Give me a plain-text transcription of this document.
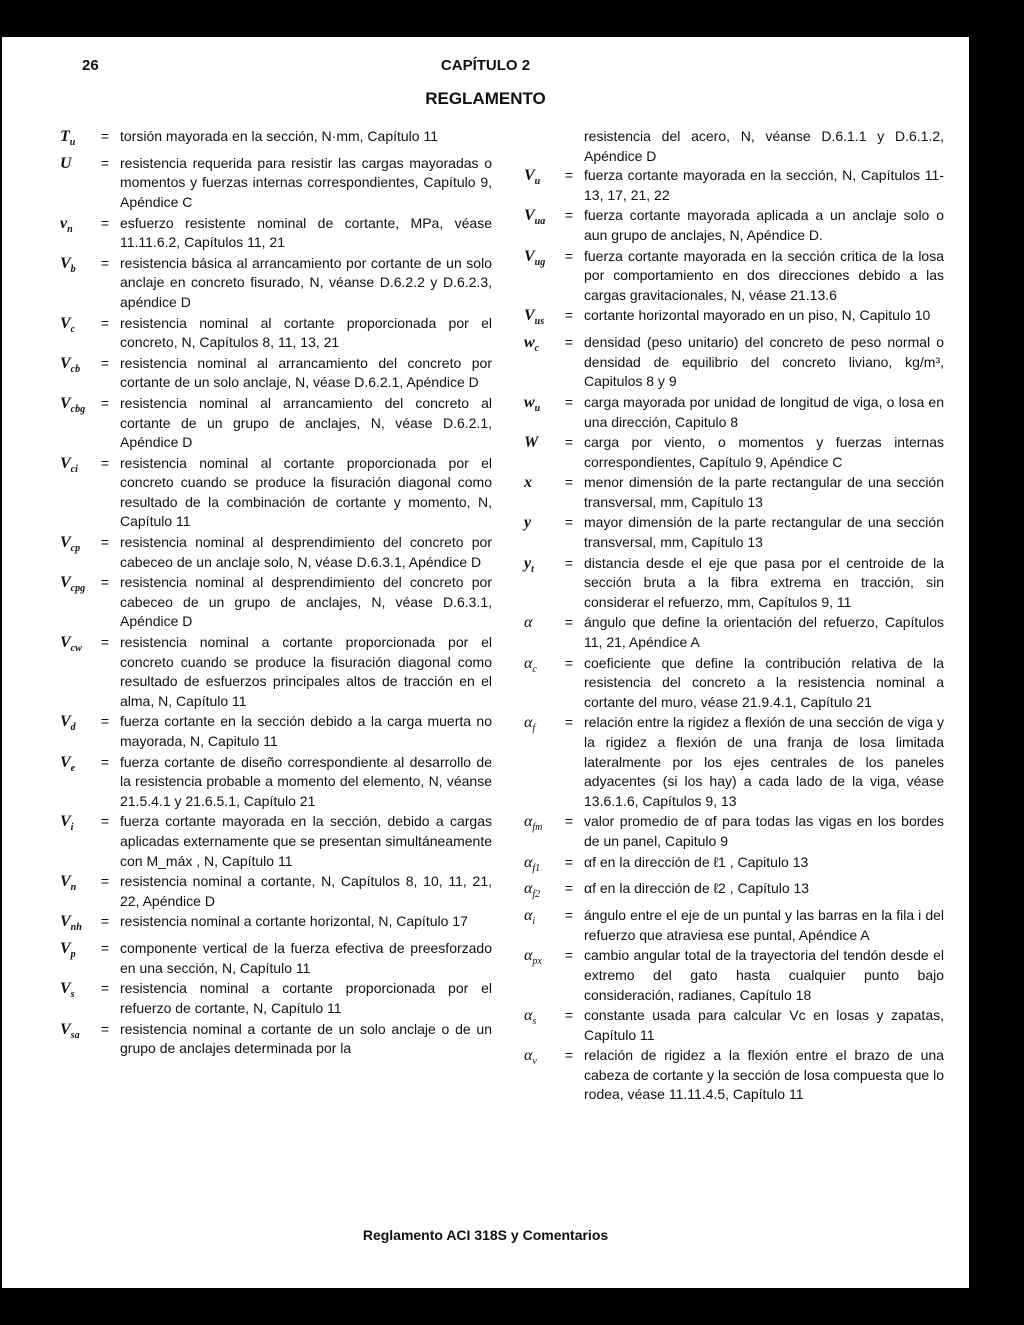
26	CAPÍTULO 2
REGLAMENTO
$T_u$	= torsión mayorada en la sección, N·mm, Capítulo 11
U	= resistencia requerida para resistir las cargas mayoradas o momentos y fuerzas internas correspondientes, Capítulo 9, Apéndice C
$v_n$	= esfuerzo resistente nominal de cortante, MPa, véase 11.11.6.2, Capítulos 11, 21
$V_b$	= resistencia básica al arrancamiento por cortante de un solo anclaje en concreto fisurado, N, véanse D.6.2.2 y D.6.2.3, apéndice D
$V_c$	= resistencia nominal al cortante proporcionada por el concreto, N, Capítulos 8, 11, 13, 21
$V_{cb}$	= resistencia nominal al arrancamiento del concreto por cortante de un solo anclaje, N, véase D.6.2.1, Apéndice D
$V_{cbg}$	= resistencia nominal al arrancamiento del concreto al cortante de un grupo de anclajes, N, véase D.6.2.1, Apéndice D
$V_{ci}$	= resistencia nominal al cortante proporcionada por el concreto cuando se produce la fisuración diagonal como resultado de la combinación de cortante y momento, N, Capítulo 11
$V_{cp}$	= resistencia nominal al desprendimiento del concreto por cabeceo de un anclaje solo, N, véase D.6.3.1, Apéndice D
$V_{cpg}$	= resistencia nominal al desprendimiento del concreto por cabeceo de un grupo de anclajes, N, véase D.6.3.1, Apéndice D
$V_{cw}$	= resistencia nominal a cortante proporcionada por el concreto cuando se produce la fisuración diagonal como resultado de esfuerzos principales altos de tracción en el alma, N, Capítulo 11
$V_d$	= fuerza cortante en la sección debido a la carga muerta no mayorada, N, Capitulo 11
$V_e$	= fuerza cortante de diseño correspondiente al desarrollo de la resistencia probable a momento del elemento, N, véanse 21.5.4.1 y 21.6.5.1, Capítulo 21
$V_i$	= fuerza cortante mayorada en la sección, debido a cargas aplicadas externamente que se presentan simultáneamente con M_máx , N, Capítulo 11
$V_n$	= resistencia nominal a cortante, N, Capítulos 8, 10, 11, 21, 22, Apéndice D
$V_{nh}$	= resistencia nominal a cortante horizontal, N, Capítulo 17
$V_p$	= componente vertical de la fuerza efectiva de preesforzado en una sección, N, Capítulo 11
$V_s$	= resistencia nominal a cortante proporcionada por el refuerzo de cortante, N, Capítulo 11
$V_{sa}$	= resistencia nominal a cortante de un solo anclaje o de un grupo de anclajes determinada por la
resistencia del acero, N, véanse D.6.1.1 y D.6.1.2, Apéndice D
$V_u$	= fuerza cortante mayorada en la sección, N, Capítulos 11-13, 17, 21, 22
$V_{ua}$	= fuerza cortante mayorada aplicada a un anclaje solo o aun grupo de anclajes, N, Apéndice D.
$V_{ug}$	= fuerza cortante mayorada en la sección critica de la losa por comportamiento en dos direcciones debido a las cargas gravitacionales, N, véase 21.13.6
$V_{us}$	= cortante horizontal mayorado en un piso, N, Capitulo 10
$w_c$	= densidad (peso unitario) del concreto de peso normal o densidad de equilibrio del concreto liviano, kg/m³, Capitulos 8 y 9
$w_u$	= carga mayorada por unidad de longitud de viga, o losa en una dirección, Capitulo 8
W	= carga por viento, o momentos y fuerzas internas correspondientes, Capítulo 9, Apéndice C
x	= menor dimensión de la parte rectangular de una sección transversal, mm, Capítulo 13
y	= mayor dimensión de la parte rectangular de una sección transversal, mm, Capítulo 13
$y_t$	= distancia desde el eje que pasa por el centroide de la sección bruta a la fibra extrema en tracción, sin considerar el refuerzo, mm, Capítulos 9, 11
α	= ángulo que define la orientación del refuerzo, Capítulos 11, 21, Apéndice A
$\alpha_c$	= coeficiente que define la contribución relativa de la resistencia del concreto a la resistencia nominal a cortante del muro, véase 21.9.4.1, Capítulo 21
$\alpha_f$	= relación entre la rigidez a flexión de una sección de viga y la rigidez a flexión de una franja de losa limitada lateralmente por los ejes centrales de los paneles adyacentes (si los hay) a cada lado de la viga, véase 13.6.1.6, Capítulos 9, 13
$\alpha_{fm}$	= valor promedio de αf para todas las vigas en los bordes de un panel, Capitulo 9
$\alpha_{f1}$	= αf en la dirección de ℓ1 , Capitulo 13
$\alpha_{f2}$	= αf en la dirección de ℓ2 , Capítulo 13
$\alpha_i$	= ángulo entre el eje de un puntal y las barras en la fila i del refuerzo que atraviesa ese puntal, Apéndice A
$\alpha_{px}$	= cambio angular total de la trayectoria del tendón desde el extremo del gato hasta cualquier punto bajo consideración, radianes, Capítulo 18
$\alpha_s$	= constante usada para calcular Vc en losas y zapatas, Capítulo 11
$\alpha_v$	= relación de rigidez a la flexión entre el brazo de una cabeza de cortante y la sección de losa compuesta que lo rodea, véase 11.11.4.5, Capítulo 11
Reglamento ACI 318S y Comentarios
